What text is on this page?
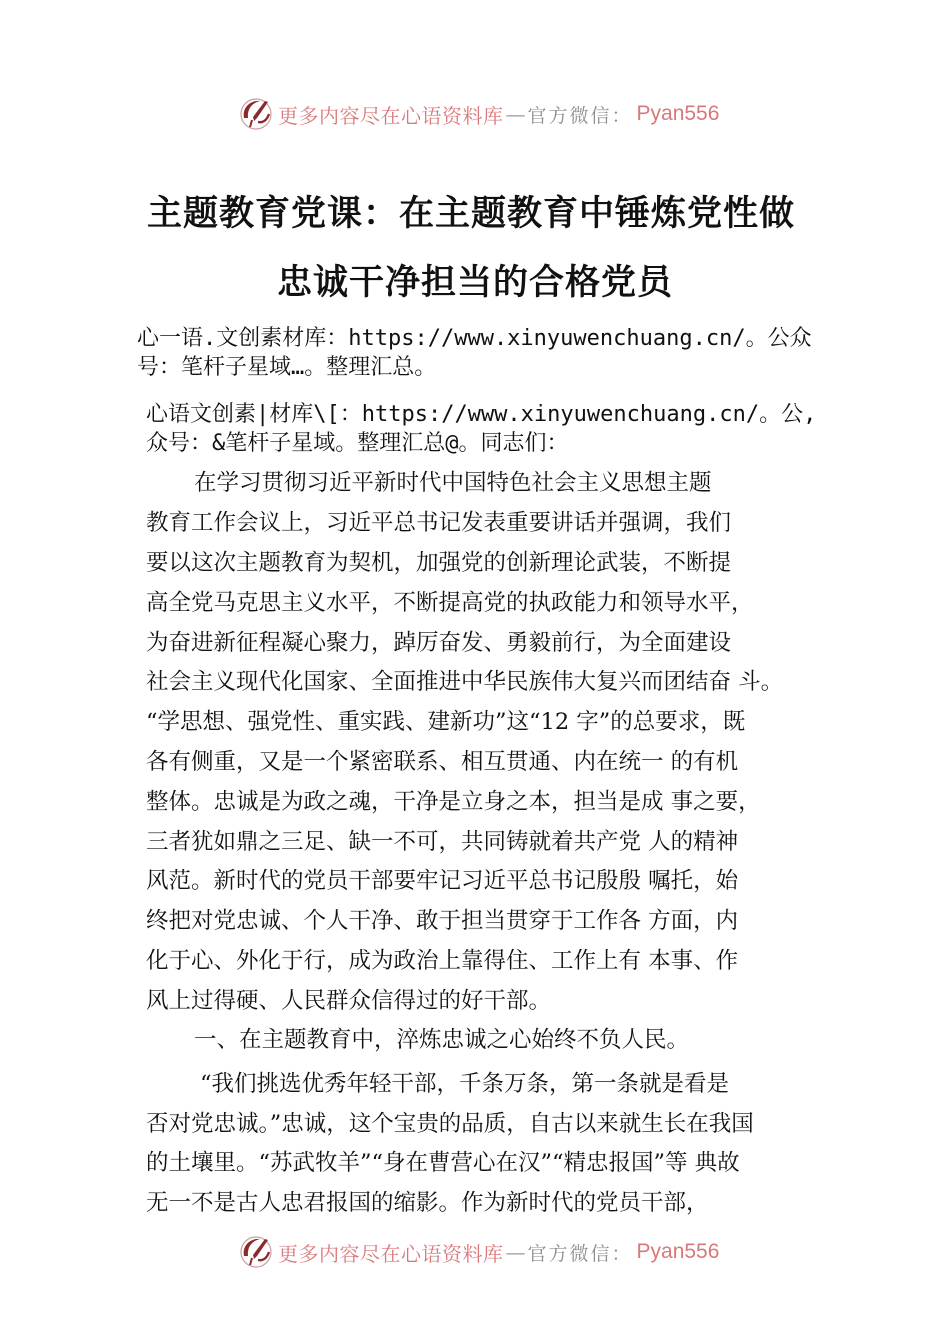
更多内容尽在心语资料库 — 官方微信： Pyan556
主题教育党课：在主题教育中锤炼党性做
忠诚干净担当的合格党员
心一语.文创素材库：https://www.xinyuwenchuang.cn/。公众
号：笔杆子星域…。整理汇总。
心语文创素|材库\[：https://www.xinyuwenchuang.cn/。公,
众号：&笔杆子星域。整理汇总@。同志们：
在学习贯彻习近平新时代中国特色社会主义思想主题
教育工作会议上，习近平总书记发表重要讲话并强调，我们
要以这次主题教育为契机，加强党的创新理论武装，不断提
高全党马克思主义水平，不断提高党的执政能力和领导水平，
为奋进新征程凝心聚力，踔厉奋发、勇毅前行，为全面建设
社会主义现代化国家、全面推进中华民族伟大复兴而团结奋 斗。
“学思想、强党性、重实践、建新功”这“12 字”的总要求，既
各有侧重，又是一个紧密联系、相互贯通、内在统一 的有机
整体。忠诚是为政之魂，干净是立身之本，担当是成 事之要，
三者犹如鼎之三足、缺一不可，共同铸就着共产党 人的精神
风范。新时代的党员干部要牢记习近平总书记殷殷 嘱托，始
终把对党忠诚、个人干净、敢于担当贯穿于工作各 方面，内
化于心、外化于行，成为政治上靠得住、工作上有 本事、作
风上过得硬、人民群众信得过的好干部。
一、在主题教育中，淬炼忠诚之心始终不负人民。
“我们挑选优秀年轻干部，千条万条，第一条就是看是
否对党忠诚。”忠诚，这个宝贵的品质，自古以来就生长在我国
的土壤里。“苏武牧羊”“身在曹营心在汉”“精忠报国”等 典故
无一不是古人忠君报国的缩影。作为新时代的党员干部，
更多内容尽在心语资料库 — 官方微信： Pyan556
